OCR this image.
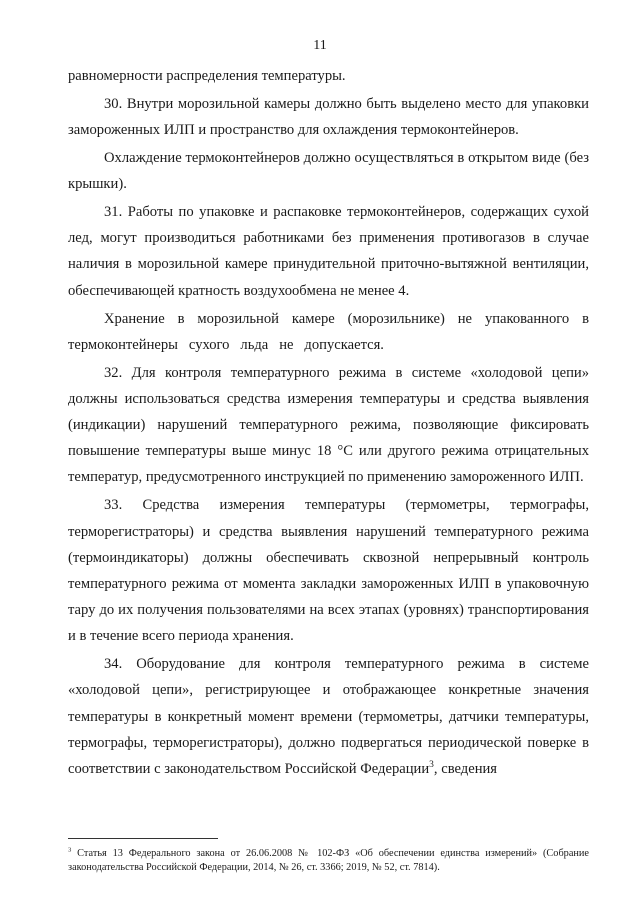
11

равномерности распределения температуры.

30. Внутри морозильной камеры должно быть выделено место для упаковки замороженных ИЛП и пространство для охлаждения термоконтейнеров.

Охлаждение термоконтейнеров должно осуществляться в открытом виде (без крышки).

31. Работы по упаковке и распаковке термоконтейнеров, содержащих сухой лед, могут производиться работниками без применения противогазов в случае наличия в морозильной камере принудительной приточно-вытяжной вентиляции, обеспечивающей кратность воздухообмена не менее 4.

Хранение в морозильной камере (морозильнике) не упакованного в термоконтейнеры сухого льда не допускается.

32. Для контроля температурного режима в системе «холодовой цепи» должны использоваться средства измерения температуры и средства выявления (индикации) нарушений температурного режима, позволяющие фиксировать повышение температуры выше минус 18 °С или другого режима отрицательных температур, предусмотренного инструкцией по применению замороженного ИЛП.

33. Средства измерения температуры (термометры, термографы, терморегистраторы) и средства выявления нарушений температурного режима (термоиндикаторы) должны обеспечивать сквозной непрерывный контроль температурного режима от момента закладки замороженных ИЛП в упаковочную тару до их получения пользователями на всех этапах (уровнях) транспортирования и в течение всего периода хранения.

34. Оборудование для контроля температурного режима в системе «холодовой цепи», регистрирующее и отображающее конкретные значения температуры в конкретный момент времени (термометры, датчики температуры, термографы, терморегистраторы), должно подвергаться периодической поверке в соответствии с законодательством Российской Федерации$^3$, сведения

$^3$ Статья 13 Федерального закона от 26.06.2008 № 102-ФЗ «Об обеспечении единства измерений» (Собрание законодательства Российской Федерации, 2014, № 26, ст. 3366; 2019, № 52, ст. 7814).
